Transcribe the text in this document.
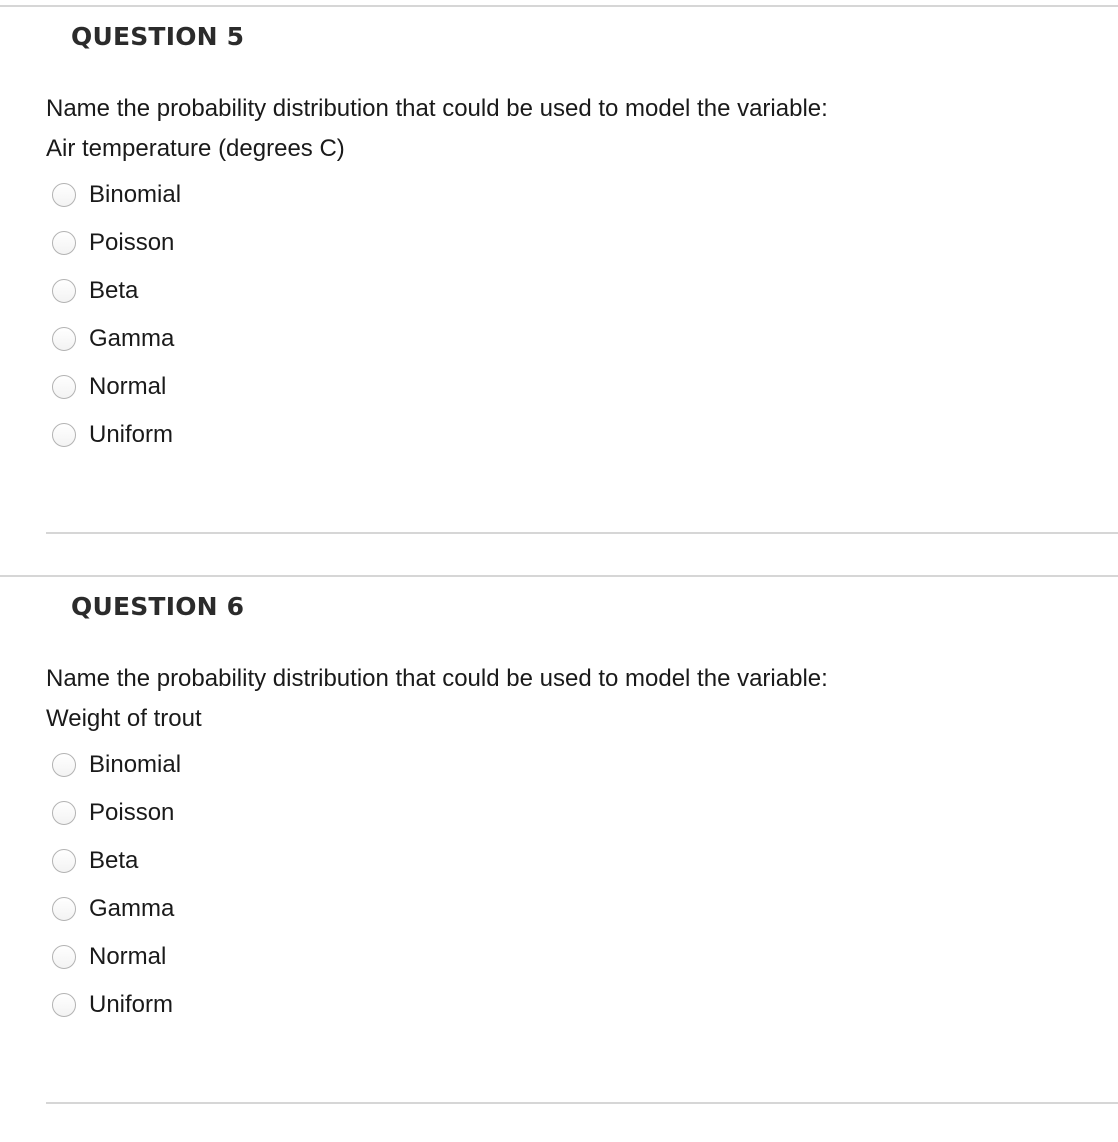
QUESTION 5
Name the probability distribution that could be used to model the variable:
Air temperature (degrees C)
Binomial
Poisson
Beta
Gamma
Normal
Uniform
QUESTION 6
Name the probability distribution that could be used to model the variable:
Weight of trout
Binomial
Poisson
Beta
Gamma
Normal
Uniform
